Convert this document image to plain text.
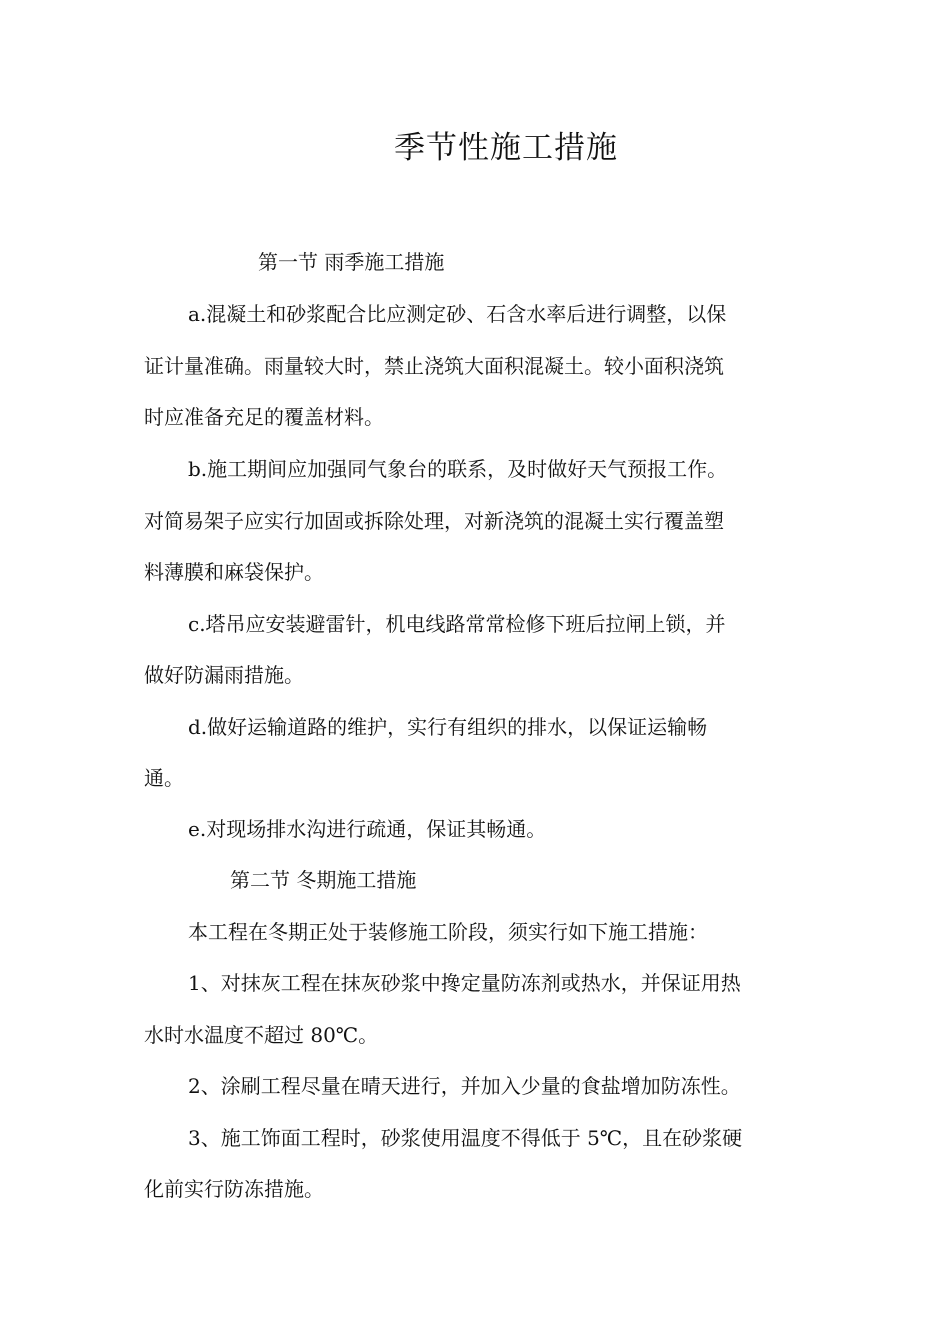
季节性施工措施
第一节 雨季施工措施
a.混凝土和砂浆配合比应测定砂、石含水率后进行调整，以保
证计量准确。雨量较大时，禁止浇筑大面积混凝土。较小面积浇筑
时应准备充足的覆盖材料。
b.施工期间应加强同气象台的联系，及时做好天气预报工作。
对简易架子应实行加固或拆除处理，对新浇筑的混凝土实行覆盖塑
料薄膜和麻袋保护。
c.塔吊应安装避雷针，机电线路常常检修下班后拉闸上锁，并
做好防漏雨措施。
d.做好运输道路的维护，实行有组织的排水，以保证运输畅
通。
e.对现场排水沟进行疏通，保证其畅通。
第二节 冬期施工措施
本工程在冬期正处于装修施工阶段，须实行如下施工措施：
1、对抹灰工程在抹灰砂浆中搀定量防冻剂或热水，并保证用热
水时水温度不超过 80℃。
2、涂刷工程尽量在晴天进行，并加入少量的食盐增加防冻性。
3、施工饰面工程时，砂浆使用温度不得低于 5℃，且在砂浆硬
化前实行防冻措施。
